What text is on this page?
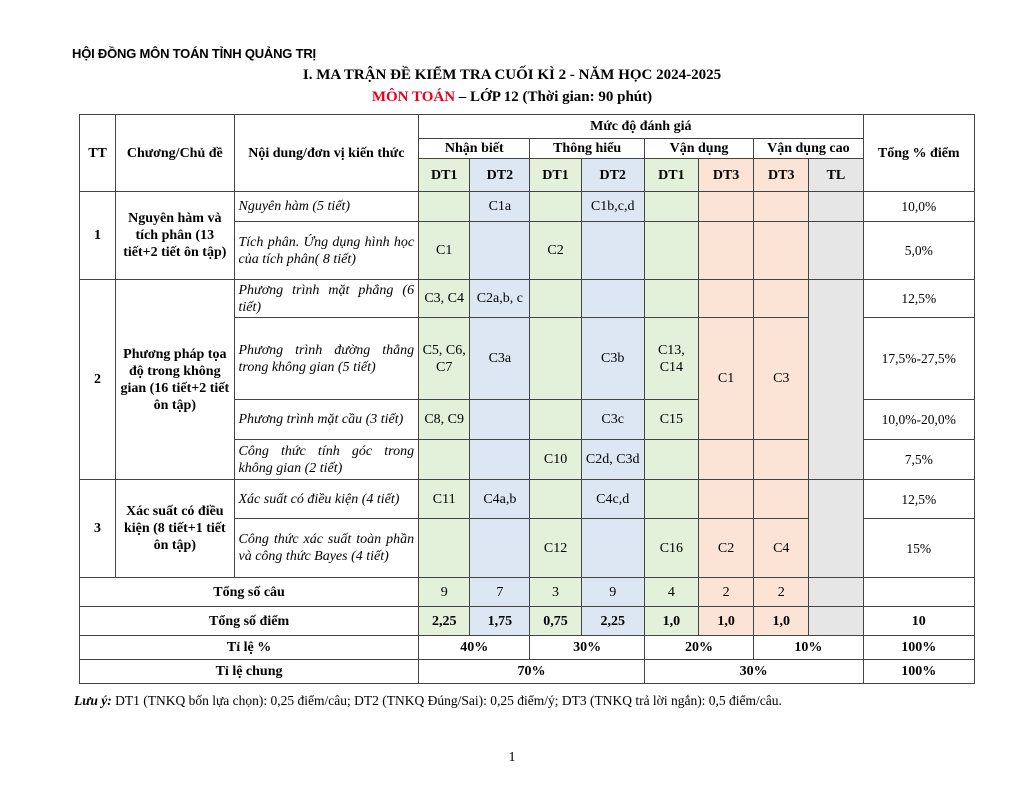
HỘI ĐỒNG MÔN TOÁN TỈNH QUẢNG TRỊ
I. MA TRẬN ĐỀ KIỂM TRA CUỐI KÌ 2 - NĂM HỌC 2024-2025
MÔN TOÁN – LỚP 12 (Thời gian: 90 phút)
TT	Chương/Chủ đề	Nội dung/đơn vị kiến thức	Mức độ đánh giá								Tổng % điểm
			Nhận biết		Thông hiểu		Vận dụng		Vận dụng cao		
			DT1	DT2	DT1	DT2	DT1	DT3	DT3	TL	
1	Nguyên hàm và tích phân (13 tiết+2 tiết ôn tập)	Nguyên hàm (5 tiết)		C1a		C1b,c,d					10,0%
		Tích phân. Ứng dụng hình học của tích phân( 8 tiết)	C1		C2						5,0%
2	Phương pháp tọa độ trong không gian (16 tiết+2 tiết ôn tập)	Phương trình mặt phẳng (6 tiết)	C3, C4	C2a,b, c							12,5%
		Phương trình đường thẳng trong không gian (5 tiết)	C5, C6, C7	C3a		C3b	C13, C14	C1	C3		17,5%-27,5%
		Phương trình mặt cầu (3 tiết)	C8, C9			C3c	C15				10,0%-20,0%
		Công thức tính góc trong không gian (2 tiết)			C10	C2d, C3d					7,5%
3	Xác suất có điều kiện (8 tiết+1 tiết ôn tập)	Xác suất có điều kiện (4 tiết)	C11	C4a,b		C4c,d					12,5%
		Công thức xác suất toàn phần và công thức Bayes (4 tiết)			C12		C16	C2	C4		15%
Tổng số câu			9	7	3	9	4	2	2		
Tổng số điểm			2,25	1,75	0,75	2,25	1,0	1,0	1,0		10
Tỉ lệ %			40%		30%		20%		10%		100%
Tỉ lệ chung			70%				30%				100%
Lưu ý: DT1 (TNKQ bốn lựa chọn): 0,25 điểm/câu; DT2 (TNKQ Đúng/Sai): 0,25 điểm/ý; DT3 (TNKQ trả lời ngắn): 0,5 điểm/câu.
1
